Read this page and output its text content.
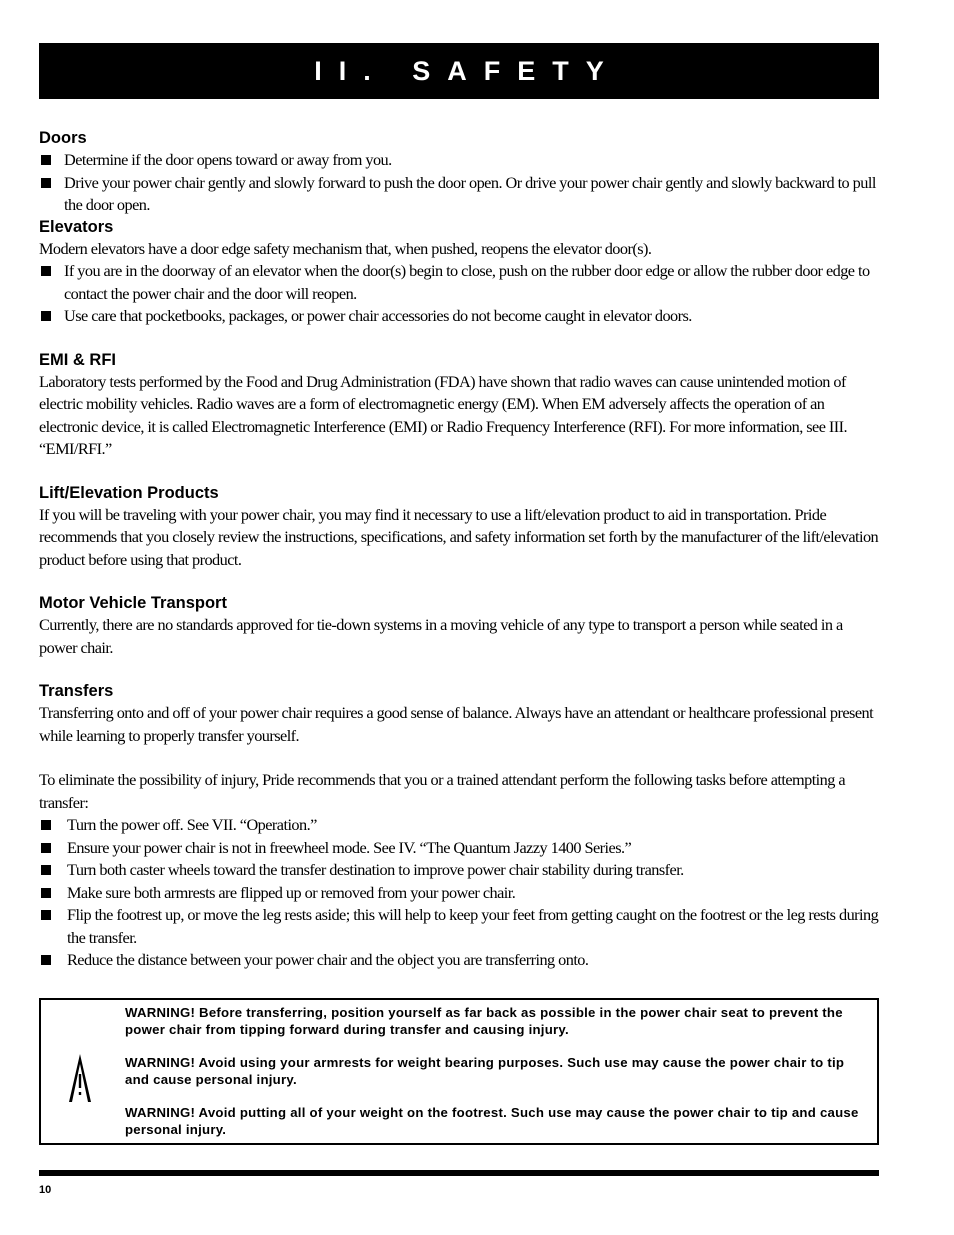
II. SAFETY
Doors
Determine if the door opens toward or away from you.
Drive your power chair gently and slowly forward to push the door open. Or drive your power chair gently and slowly backward to pull the door open.
Elevators

Modern elevators have a door edge safety mechanism that, when pushed, reopens the elevator door(s).

If you are in the doorway of an elevator when the door(s) begin to close, push on the rubber door edge or allow the rubber door edge to contact the power chair and the door will reopen.
Use care that pocketbooks, packages, or power chair accessories do not become caught in elevator doors.
EMI & RFI

Laboratory tests performed by the Food and Drug Administration (FDA) have shown that radio waves can cause unintended motion of electric mobility vehicles. Radio waves are a form of electromagnetic energy (EM). When EM adversely affects the operation of an electronic device, it is called Electromagnetic Interference (EMI) or Radio Frequency Interference (RFI). For more information, see III. “EMI/RFI.”

Lift/Elevation Products

If you will be traveling with your power chair, you may find it necessary to use a lift/elevation product to aid in transportation. Pride recommends that you closely review the instructions, specifications, and safety information set forth by the manufacturer of the lift/elevation product before using that product.

Motor Vehicle Transport

Currently, there are no standards approved for tie-down systems in a moving vehicle of any type to transport a person while seated in a power chair.

Transfers

Transferring onto and off of your power chair requires a good sense of balance. Always have an attendant or healthcare professional present while learning to properly transfer yourself.

To eliminate the possibility of injury, Pride recommends that you or a trained attendant perform the following tasks before attempting a transfer:

Turn the power off. See VII. “Operation.”
Ensure your power chair is not in freewheel mode. See IV. “The Quantum Jazzy 1400 Series.”
Turn both caster wheels toward the transfer destination to improve power chair stability during transfer.
Make sure both armrests are flipped up or removed from your power chair.
Flip the footrest up, or move the leg rests aside; this will help to keep your feet from getting caught on the footrest or the leg rests during the transfer.
Reduce the distance between your power chair and the object you are transferring onto.

WARNING! Before transferring, position yourself as far back as possible in the power chair seat to prevent the power chair from tipping forward during transfer and causing injury.

WARNING! Avoid using your armrests for weight bearing purposes. Such use may cause the power chair to tip and cause personal injury.

WARNING! Avoid putting all of your weight on the footrest. Such use may cause the power chair to tip and cause personal injury.

10
